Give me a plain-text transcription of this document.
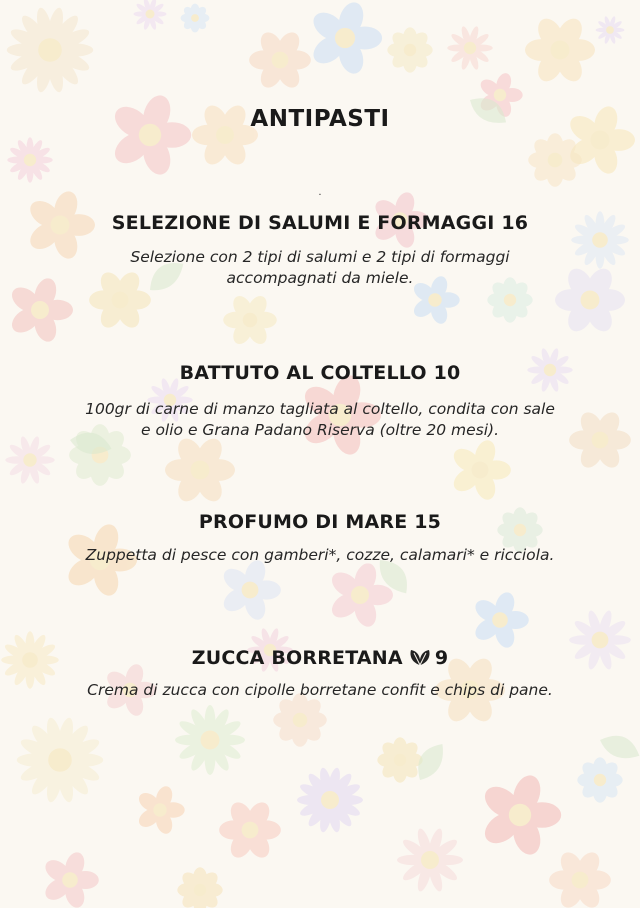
ANTIPASTI
.
SELEZIONE DI SALUMI E FORMAGGI 16

Selezione con 2 tipi di salumi e 2 tipi di formaggi
accompagnati da miele.

BATTUTO AL COLTELLO 10

100gr di carne di manzo tagliata al coltello, condita con sale
e olio e Grana Padano Riserva (oltre 20 mesi).

PROFUMO DI MARE 15

Zuppetta di pesce con gamberi*, cozze, calamari* e ricciola.

ZUCCA BORRETANA 9

Crema di zucca con cipolle borretane confit e chips di pane.
